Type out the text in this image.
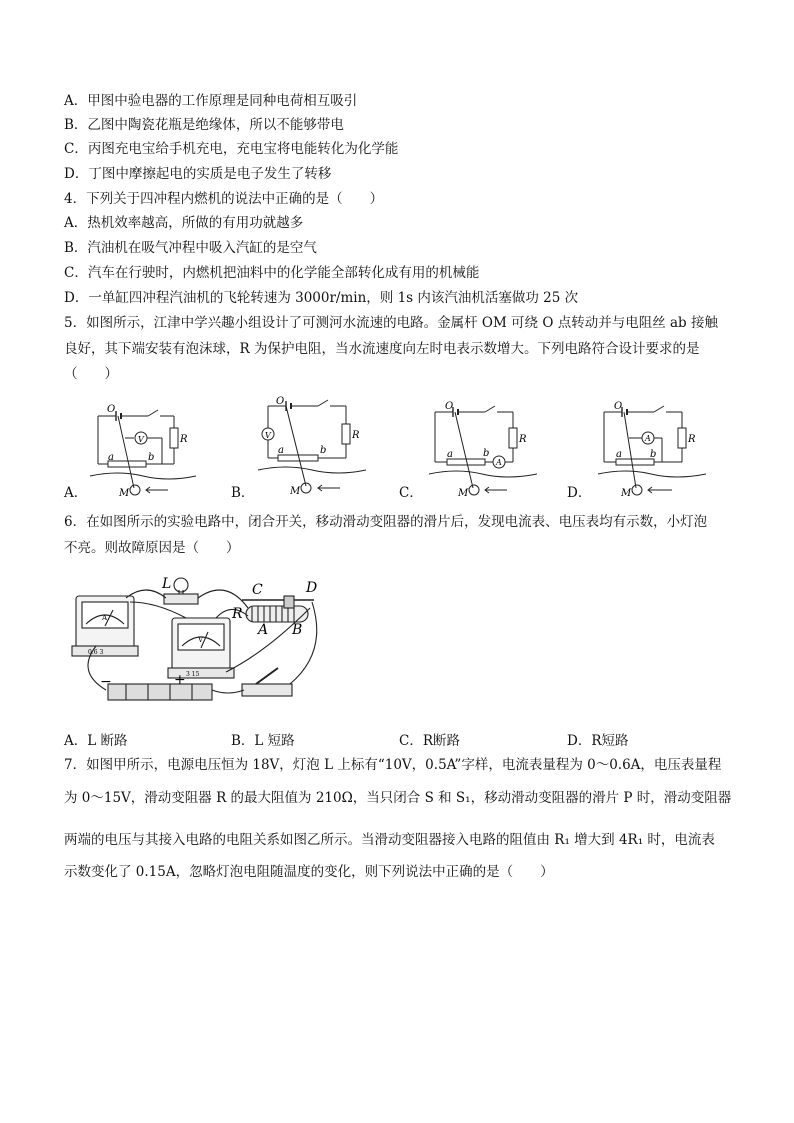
A．甲图中验电器的工作原理是同种电荷相互吸引
B．乙图中陶瓷花瓶是绝缘体，所以不能够带电
C．丙图充电宝给手机充电，充电宝将电能转化为化学能
D．丁图中摩擦起电的实质是电子发生了转移
4．下列关于四冲程内燃机的说法中正确的是（　　）
A．热机效率越高，所做的有用功就越多
B．汽油机在吸气冲程中吸入汽缸的是空气
C．汽车在行驶时，内燃机把油料中的化学能全部转化成有用的机械能
D．一单缸四冲程汽油机的飞轮转速为 3000r/min，则 1s 内该汽油机活塞做功 25 次
5．如图所示，江津中学兴趣小组设计了可测河水流速的电路。金属杆 OM 可绕 O 点转动并与电阻丝 ab 接触
良好，其下端安装有泡沫球，R 为保护电阻，当水流速度向左时电表示数增大。下列电路符合设计要求的是
（　　）
O
R
a	b
M
V
A．
O
R
a	b
M
V
B．
O
R
a	b
M
A
C．
O
R
a	b
M
A
D．
6．在如图所示的实验电路中，闭合开关，移动滑动变阻器的滑片后，发现电流表、电压表均有示数，小灯泡
不亮。则故障原因是（　　）
L	C	D
R
A B
−	+
A
V
0.6 3
3 15
A．L 断路	B．L 短路	C．R断路	D．R短路
7．如图甲所示，电源电压恒为 18V，灯泡 L 上标有“10V，0.5A”字样，电流表量程为 0～0.6A，电压表量程
为 0～15V，滑动变阻器 R 的最大阻值为 210Ω，当只闭合 S 和 S₁，移动滑动变阻器的滑片 P 时，滑动变阻器
两端的电压与其接入电路的电阻关系如图乙所示。当滑动变阻器接入电路的阻值由 R₁ 增大到 4R₁ 时，电流表
示数变化了 0.15A，忽略灯泡电阻随温度的变化，则下列说法中正确的是（　　）
